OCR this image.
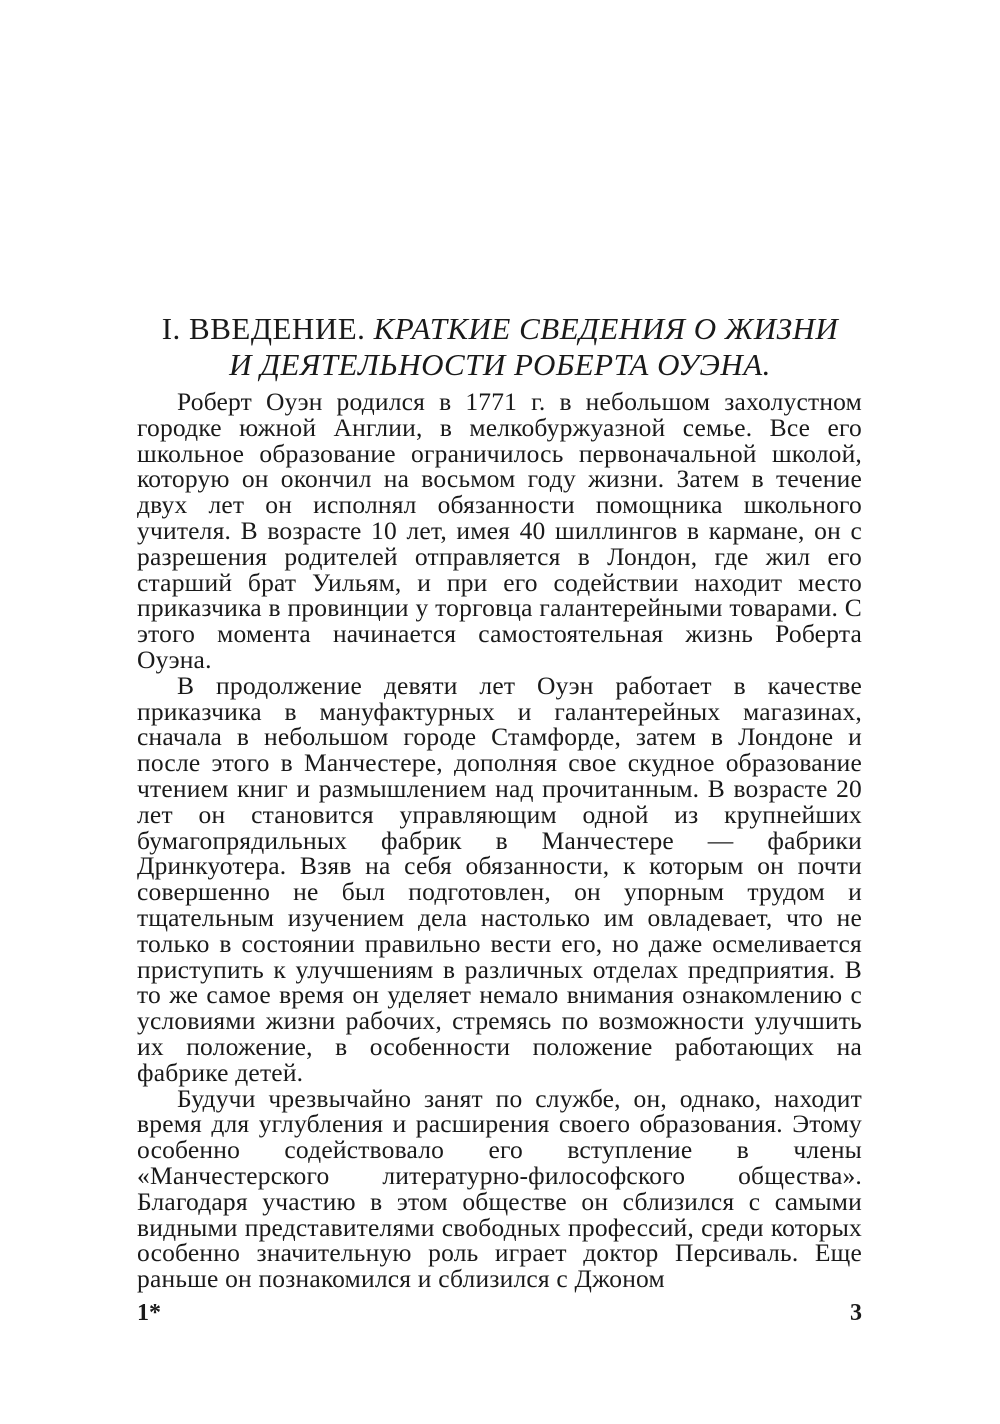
I. ВВЕДЕНИЕ. КРАТКИЕ СВЕДЕНИЯ О ЖИЗНИ
И ДЕЯТЕЛЬНОСТИ РОБЕРТА ОУЭНА.

Роберт Оуэн родился в 1771 г. в небольшом захолустном городке южной Англии, в мелкобуржуазной семье. Все его школьное образование ограничилось первоначальной школой, которую он окончил на восьмом году жизни. Затем в течение двух лет он исполнял обязанности помощника школьного учителя. В возрасте 10 лет, имея 40 шиллингов в кармане, он с разрешения родителей отправляется в Лондон, где жил его старший брат Уильям, и при его содействии находит место приказчика в провинции у торговца галантерейными товарами. С этого момента начинается самостоятельная жизнь Роберта Оуэна.

В продолжение девяти лет Оуэн работает в качестве приказчика в мануфактурных и галантерейных магазинах, сначала в небольшом городе Стамфорде, затем в Лондоне и после этого в Манчестере, дополняя свое скудное образование чтением книг и размышлением над прочитанным. В возрасте 20 лет он становится управляющим одной из крупнейших бумагопрядильных фабрик в Манчестере — фабрики Дринкуотера. Взяв на себя обязанности, к которым он почти совершенно не был подготовлен, он упорным трудом и тщательным изучением дела настолько им овладевает, что не только в состоянии правильно вести его, но даже осмеливается приступить к улучшениям в различных отделах предприятия. В то же самое время он уделяет немало внимания ознакомлению с условиями жизни рабочих, стремясь по возможности улучшить их положение, в особенности положение работающих на фабрике детей.

Будучи чрезвычайно занят по службе, он, однако, находит время для углубления и расширения своего образования. Этому особенно содействовало его вступление в члены «Манчестерского литературно-философского общества». Благодаря участию в этом обществе он сблизился с самыми видными представителями свободных профессий, среди которых особенно значительную роль играет доктор Персиваль. Еще раньше он познакомился и сблизился с Джоном

1*	3
